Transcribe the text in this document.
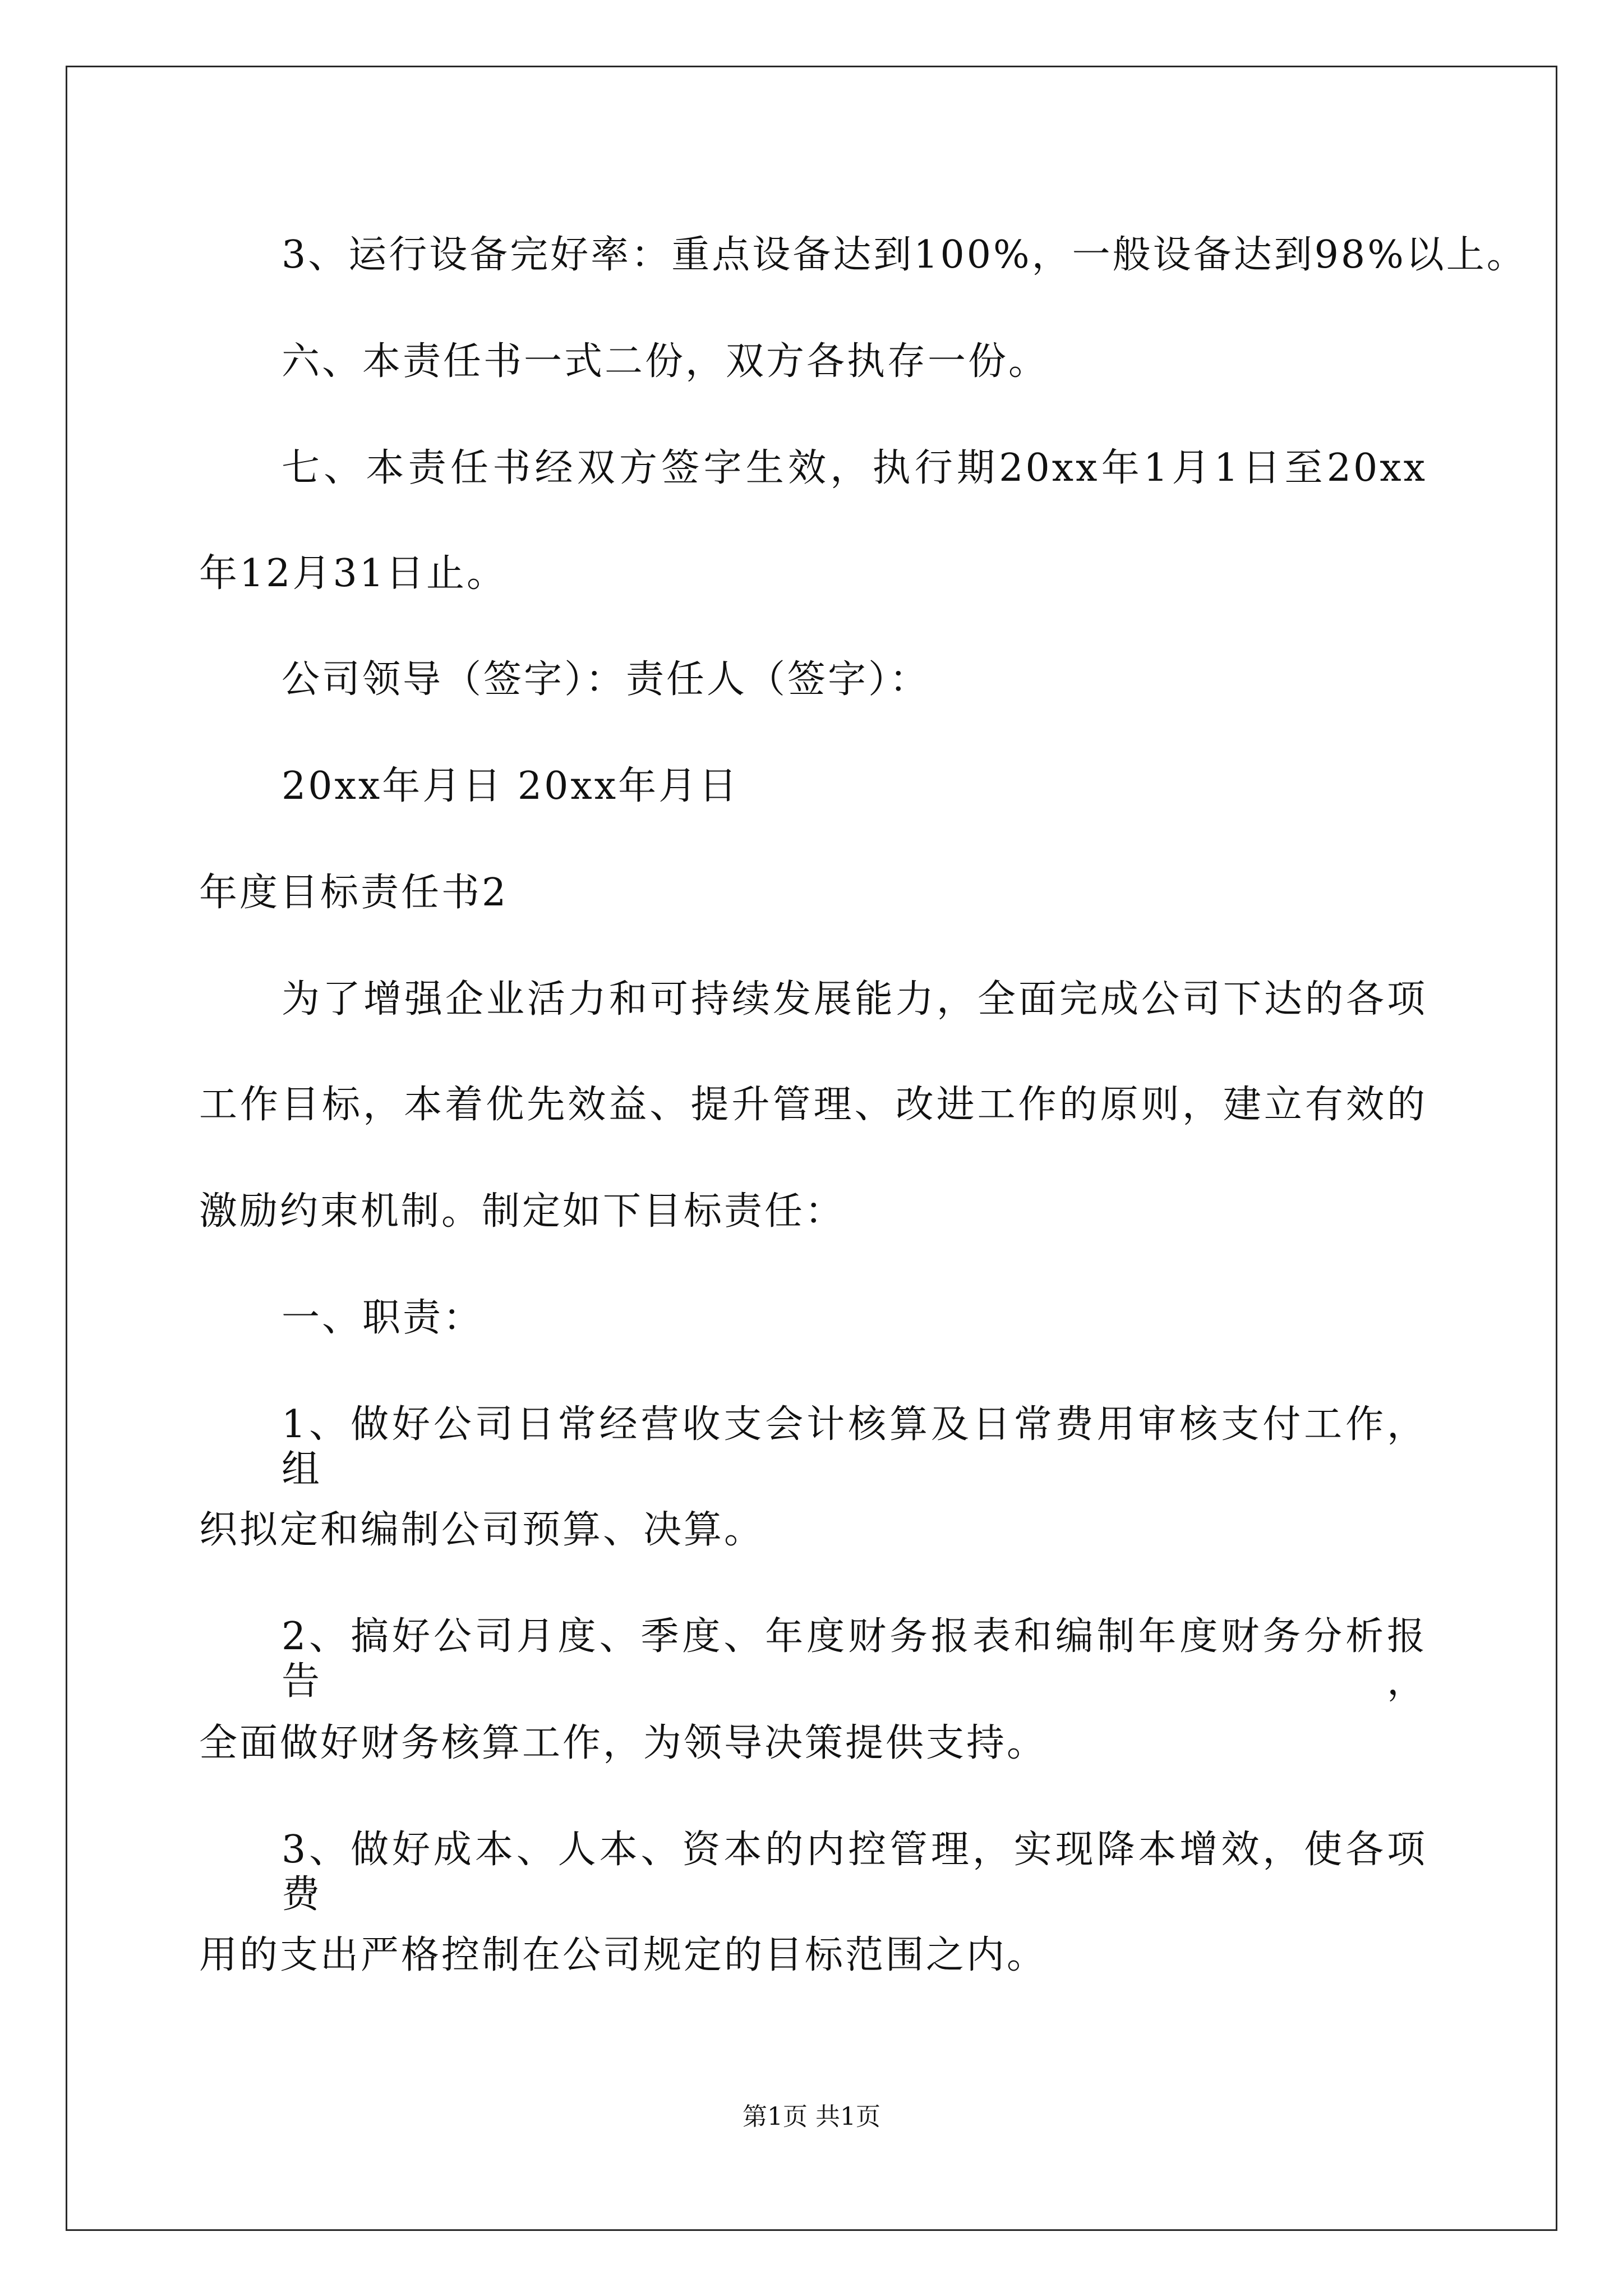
3、运行设备完好率：重点设备达到100%，一般设备达到98%以上。
六、本责任书一式二份，双方各执存一份。
七、本责任书经双方签字生效，执行期20xx年1月1日至20xx
年12月31日止。
公司领导（签字）：责任人（签字）：
20xx年月日 20xx年月日
年度目标责任书2
为了增强企业活力和可持续发展能力，全面完成公司下达的各项
工作目标，本着优先效益、提升管理、改进工作的原则，建立有效的
激励约束机制。制定如下目标责任：
一、职责：
1、做好公司日常经营收支会计核算及日常费用审核支付工作，组
织拟定和编制公司预算、决算。
2、搞好公司月度、季度、年度财务报表和编制年度财务分析报告，
全面做好财务核算工作，为领导决策提供支持。
3、做好成本、人本、资本的内控管理，实现降本增效，使各项费
用的支出严格控制在公司规定的目标范围之内。
第1页 共1页
